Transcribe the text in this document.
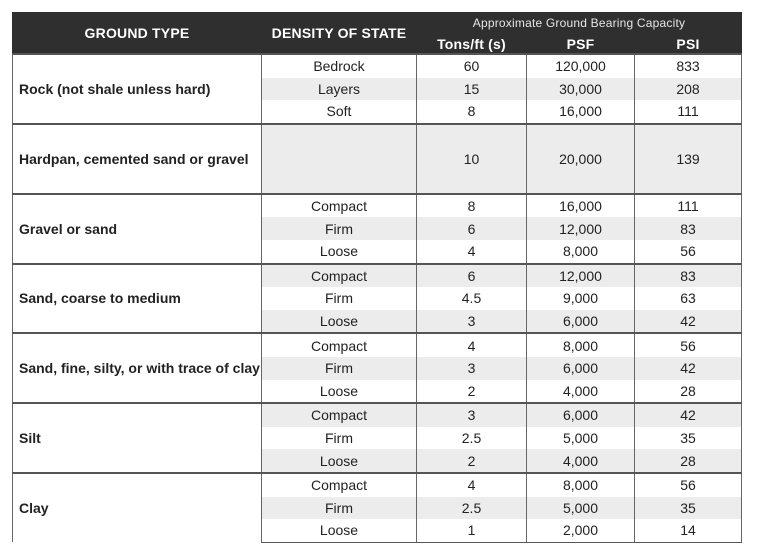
GROUND TYPE	DENSITY OF STATE	Approximate Ground Bearing Capacity		
		Tons/ft (s)	PSF	PSI
Rock (not shale unless hard)	Bedrock	60	120,000	833
	Layers	15	30,000	208
	Soft	8	16,000	111
Hardpan, cemented sand or gravel		10	20,000	139
Gravel or sand	Compact	8	16,000	111
	Firm	6	12,000	83
	Loose	4	8,000	56
Sand, coarse to medium	Compact	6	12,000	83
	Firm	4.5	9,000	63
	Loose	3	6,000	42
Sand, fine, silty, or with trace of clay	Compact	4	8,000	56
	Firm	3	6,000	42
	Loose	2	4,000	28
Silt	Compact	3	6,000	42
	Firm	2.5	5,000	35
	Loose	2	4,000	28
Clay	Compact	4	8,000	56
	Firm	2.5	5,000	35
	Loose	1	2,000	14
